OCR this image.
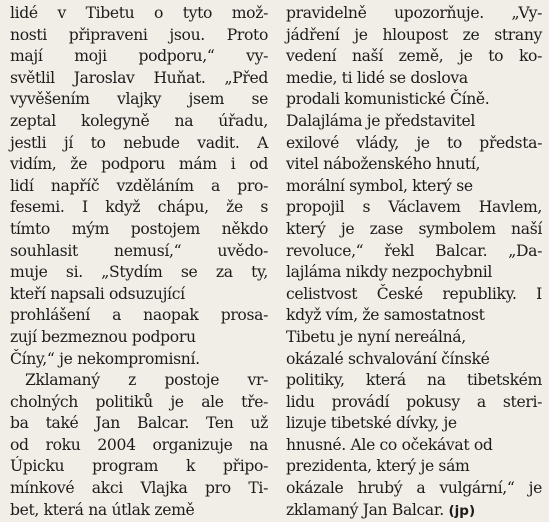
lidé v Tibetu o tyto mož-
nosti připraveni jsou. Proto
mají moji podporu,“ vy-
světlil Jaroslav Huňat. „Před
vyvěšením vlajky jsem se
zeptal kolegyně na úřadu,
jestli jí to nebude vadit. A
vidím, že podporu mám i od
lidí napříč vzděláním a pro-
fesemi. I když chápu, že s
tímto mým postojem někdo
souhlasit nemusí,“ uvědo-
muje si. „Stydím se za ty,
kteří napsali odsuzující
prohlášení a naopak prosa-
zují bezmeznou podporu
Číny,“ je nekompromisní.
Zklamaný z postoje vr-
cholných politiků je ale tře-
ba také Jan Balcar. Ten už
od roku 2004 organizuje na
Úpicku program k připo-
mínkové akci Vlajka pro Ti-
bet, která na útlak země
pravidelně upozorňuje. „Vy-
jádření je hloupost ze strany
vedení naší země, je to ko-
medie, ti lidé se doslova
prodali komunistické Číně.
Dalajláma je představitel
exilové vlády, je to předsta-
vitel náboženského hnutí,
morální symbol, který se
propojil s Václavem Havlem,
který je zase symbolem naší
revoluce,“ řekl Balcar. „Da-
lajláma nikdy nezpochybnil
celistvost České republiky. I
když vím, že samostatnost
Tibetu je nyní nereálná,
okázalé schvalování čínské
politiky, která na tibetském
lidu provádí pokusy a steri-
lizuje tibetské dívky, je
hnusné. Ale co očekávat od
prezidenta, který je sám
okázale hrubý a vulgární,“ je
zklamaný Jan Balcar. (jp)
